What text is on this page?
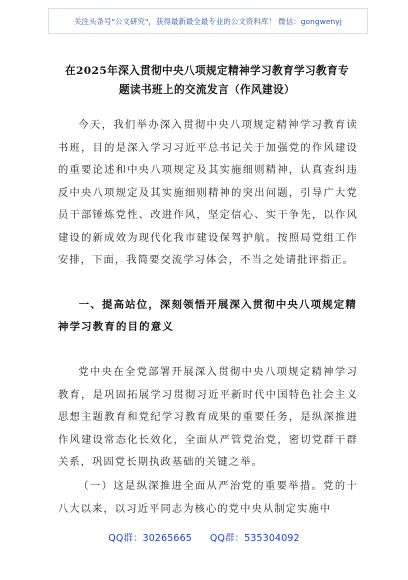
关注头条号"公文研究"，获得最新最全最专业的公文资料库！ 微信：gongwenyj
在2025年深入贯彻中央八项规定精神学习教育学习教育专
题读书班上的交流发言（作风建设）

今天，我们举办深入贯彻中央八项规定精神学习教育读书班，目的是深入学习习近平总书记关于加强党的作风建设的重要论述和中央八项规定及其实施细则精神，认真查纠违反中央八项规定及其实施细则精神的突出问题，引导广大党员干部锤炼党性、改进作风，坚定信心、实干争先，以作风建设的新成效为现代化我市建设保驾护航。按照局党组工作安排，下面，我简要交流学习体会，不当之处请批评指正。

一、提高站位，深刻领悟开展深入贯彻中央八项规定精神学习教育的目的意义

党中央在全党部署开展深入贯彻中央八项规定精神学习教育，是巩固拓展学习贯彻习近平新时代中国特色社会主义思想主题教育和党纪学习教育成果的重要任务，是纵深推进作风建设常态化长效化，全面从严管党治党，密切党群干群关系，巩固党长期执政基础的关键之举。

（一）这是纵深推进全面从严治党的重要举措。党的十八大以来，以习近平同志为核心的党中央从制定实施中

QQ群：30265665 QQ群：535304092
